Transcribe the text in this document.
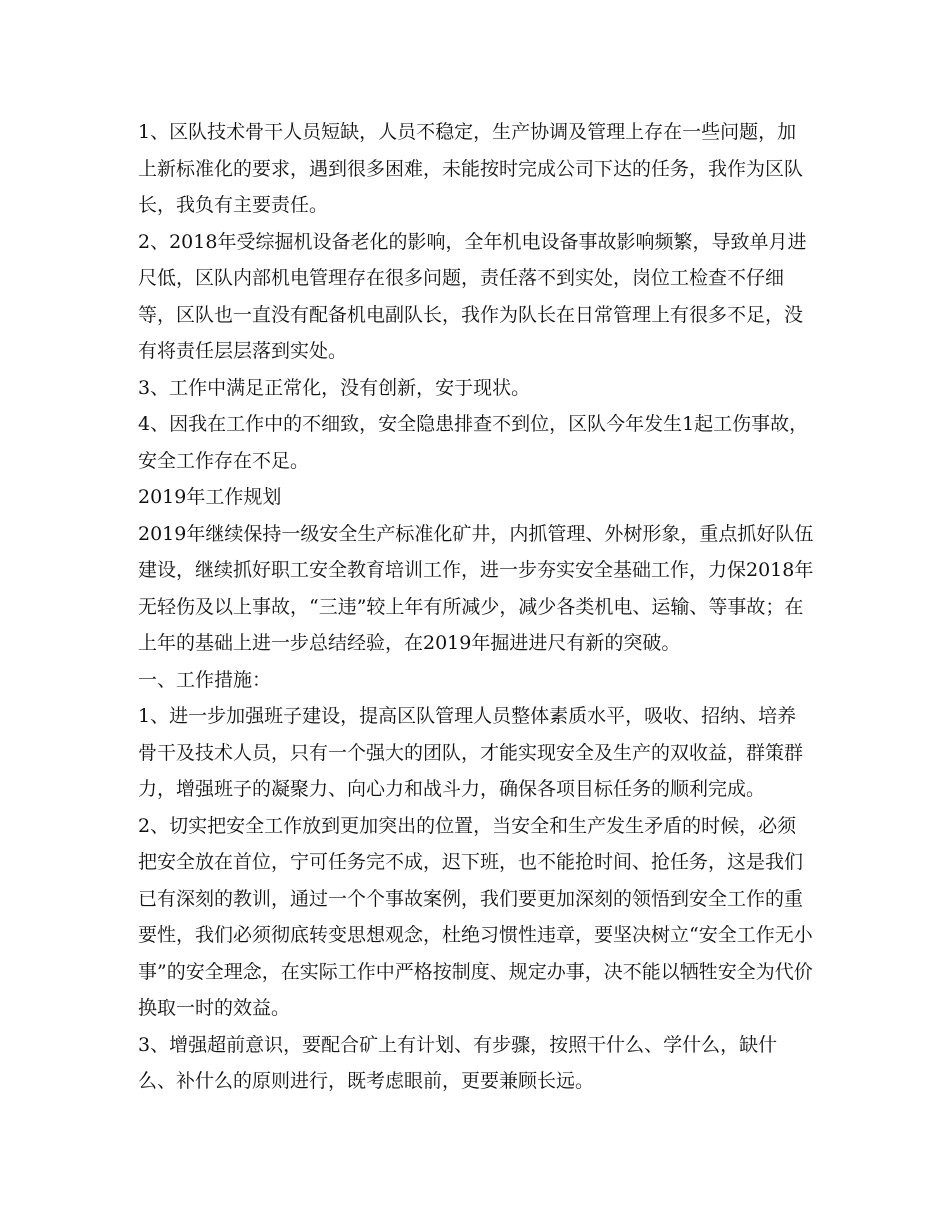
1、区队技术骨干人员短缺，人员不稳定，生产协调及管理上存在一些问题，加上新标准化的要求，遇到很多困难，未能按时完成公司下达的任务，我作为区队长，我负有主要责任。

2、2018年受综掘机设备老化的影响，全年机电设备事故影响频繁，导致单月进尺低，区队内部机电管理存在很多问题，责任落不到实处，岗位工检查不仔细等，区队也一直没有配备机电副队长，我作为队长在日常管理上有很多不足，没有将责任层层落到实处。

3、工作中满足正常化，没有创新，安于现状。

4、因我在工作中的不细致，安全隐患排查不到位，区队今年发生1起工伤事故，安全工作存在不足。

2019年工作规划

2019年继续保持一级安全生产标准化矿井，内抓管理、外树形象，重点抓好队伍建设，继续抓好职工安全教育培训工作，进一步夯实安全基础工作，力保2018年无轻伤及以上事故，“三违”较上年有所减少，减少各类机电、运输、等事故；在上年的基础上进一步总结经验，在2019年掘进进尺有新的突破。

一、工作措施：

1、进一步加强班子建设，提高区队管理人员整体素质水平，吸收、招纳、培养骨干及技术人员，只有一个强大的团队，才能实现安全及生产的双收益，群策群力，增强班子的凝聚力、向心力和战斗力，确保各项目标任务的顺利完成。

2、切实把安全工作放到更加突出的位置，当安全和生产发生矛盾的时候，必须把安全放在首位，宁可任务完不成，迟下班，也不能抢时间、抢任务，这是我们已有深刻的教训，通过一个个事故案例，我们要更加深刻的领悟到安全工作的重要性，我们必须彻底转变思想观念，杜绝习惯性违章，要坚决树立“安全工作无小事”的安全理念，在实际工作中严格按制度、规定办事，决不能以牺牲安全为代价换取一时的效益。

3、增强超前意识，要配合矿上有计划、有步骤，按照干什么、学什么，缺什么、补什么的原则进行，既考虑眼前，更要兼顾长远。
